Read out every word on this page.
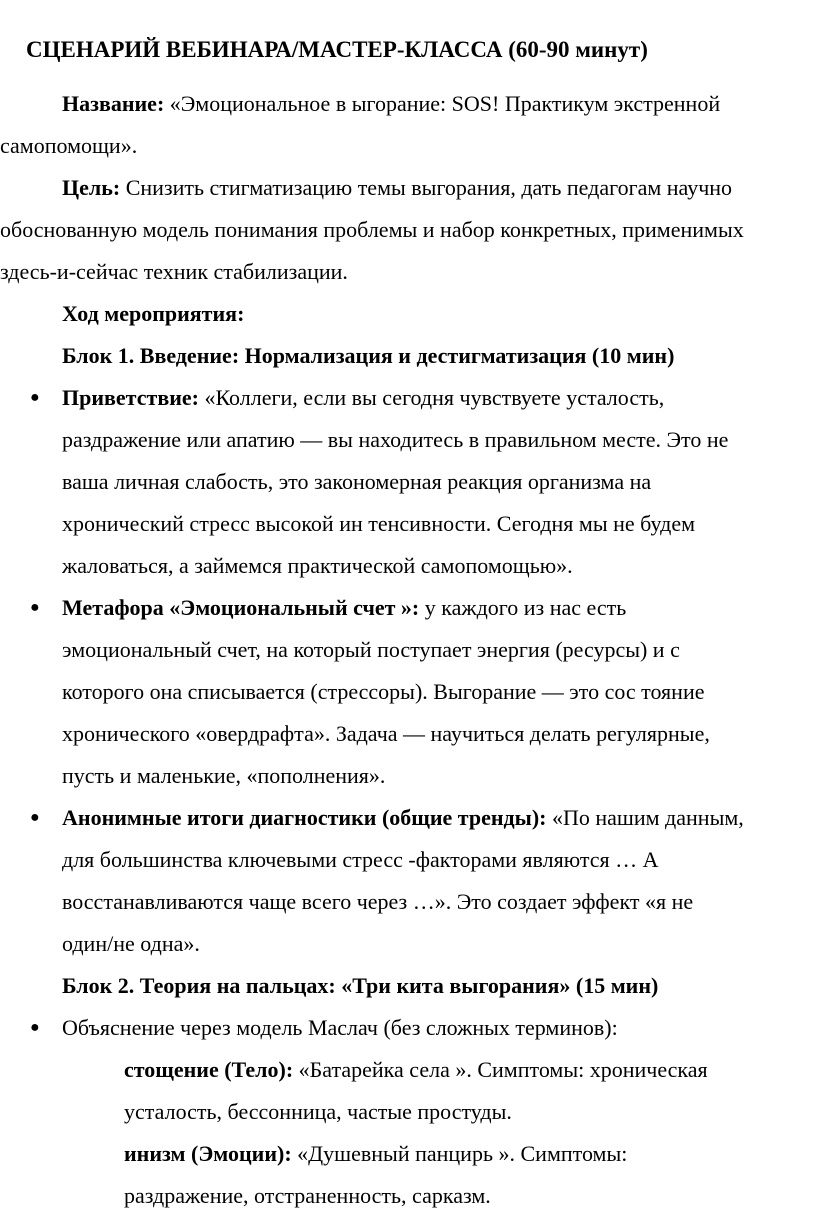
СЦЕНАРИЙ ВЕБИНАРА/МАСТЕР-КЛАССА (60-90 минут)
Название: «Эмоциональное в ыгорание: SOS! Практикум экстренной
самопомощи».
Цель: Снизить стигматизацию темы выгорания, дать педагогам научно
обоснованную модель понимания проблемы и набор конкретных, применимых
здесь-и-сейчас техник стабилизации.
Ход мероприятия:
Блок 1. Введение: Нормализация и дестигматизация (10 мин)
● Приветствие: «Коллеги, если вы сегодня чувствуете усталость,
раздражение или апатию — вы находитесь в правильном месте. Это не
ваша личная слабость, это закономерная реакция организма на
хронический стресс высокой ин тенсивности. Сегодня мы не будем
жаловаться, а займемся практической самопомощью».
● Метафора «Эмоциональный счет »: у каждого из нас есть
эмоциональный счет, на который поступает энергия (ресурсы) и с
которого она списывается (стрессоры). Выгорание — это сос тояние
хронического «овердрафта». Задача — научиться делать регулярные,
пусть и маленькие, «пополнения».
● Анонимные итоги диагностики (общие тренды): «По нашим данным,
для большинства ключевыми стресс -факторами являются … А
восстанавливаются чаще всего через …». Это создает эффект «я не
один/не одна».
Блок 2. Теория на пальцах: «Три кита выгорания» (15 мин)
● Объяснение через модель Маслач (без сложных терминов):
стощение (Тело): «Батарейка села ». Симптомы: хроническая
усталость, бессонница, частые простуды.
инизм (Эмоции): «Душевный панцирь ». Симптомы:
раздражение, отстраненность, сарказм.
